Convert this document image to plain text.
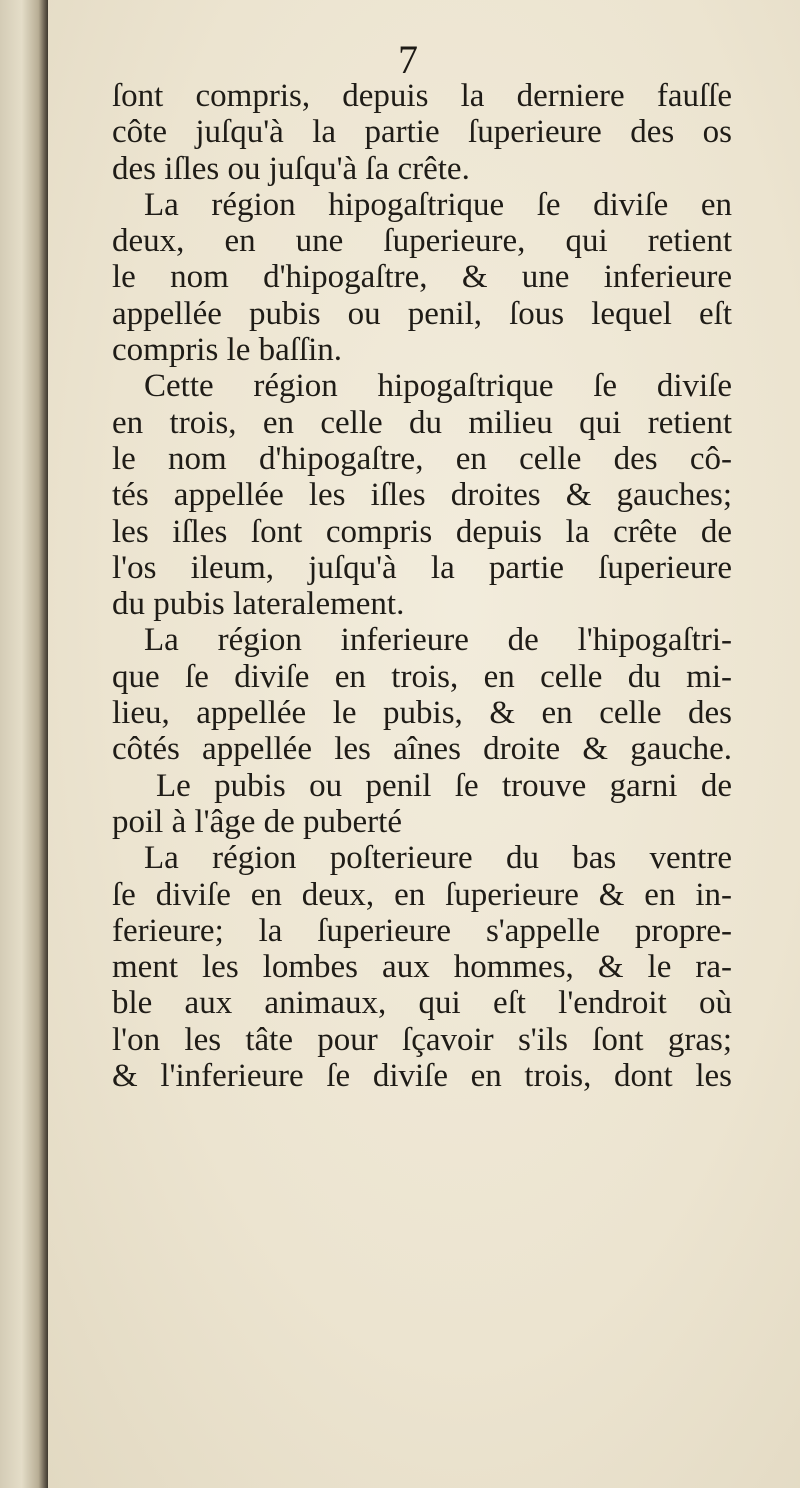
7
ſont compris, depuis la derniere fauſſe
côte juſqu'à la partie ſuperieure des os
des iſles ou juſqu'à ſa crête.
La région hipogaſtrique ſe diviſe en
deux, en une ſuperieure, qui retient
le nom d'hipogaſtre, & une inferieure
appellée pubis ou penil, ſous lequel eſt
compris le baſſin.
Cette région hipogaſtrique ſe diviſe
en trois, en celle du milieu qui retient
le nom d'hipogaſtre, en celle des cô-
tés appellée les iſles droites & gauches;
les iſles ſont compris depuis la crête de
l'os ileum, juſqu'à la partie ſuperieure
du pubis lateralement.
La région inferieure de l'hipogaſtri-
que ſe diviſe en trois, en celle du mi-
lieu, appellée le pubis, & en celle des
côtés appellée les aînes droite & gauche.
Le pubis ou penil ſe trouve garni de
poil à l'âge de puberté
La région poſterieure du bas ventre
ſe diviſe en deux, en ſuperieure & en in-
ferieure; la ſuperieure s'appelle propre-
ment les lombes aux hommes, & le ra-
ble aux animaux, qui eſt l'endroit où
l'on les tâte pour ſçavoir s'ils ſont gras;
& l'inferieure ſe diviſe en trois, dont les
